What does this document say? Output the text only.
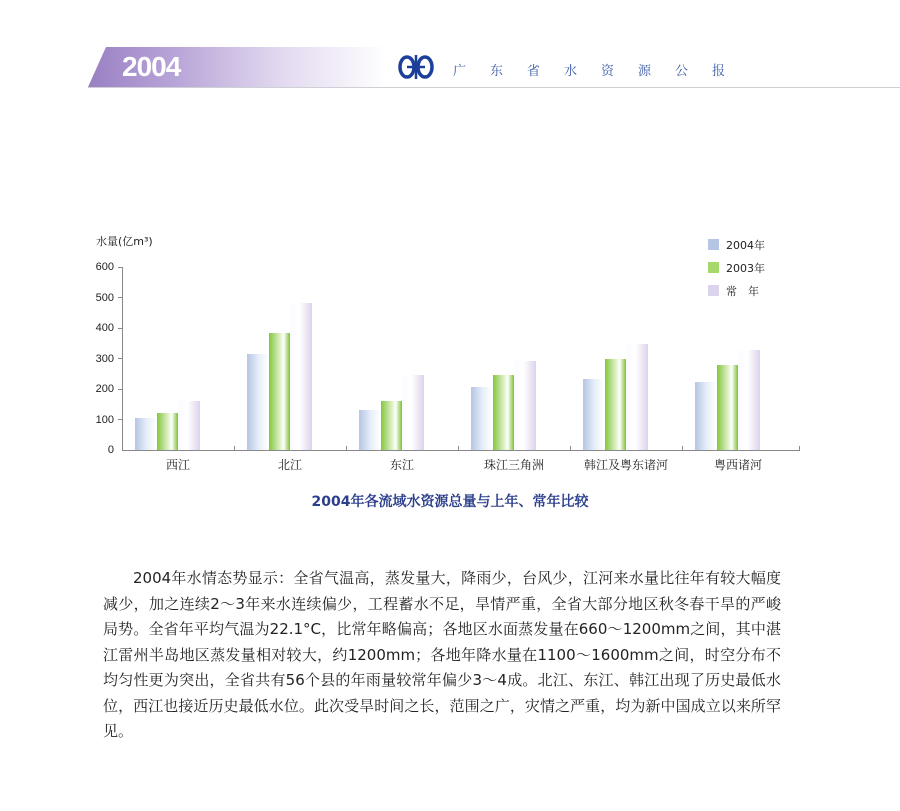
2004	广东省水资源公报
水量(亿m³)
0
100
200
300
400
500
600
西江	北江	东江	珠江三角洲	韩江及粤东诸河	粤西诸河
2004年
2003年
常　年
2004年各流域水资源总量与上年、常年比较

2004年水情态势显示：全省气温高，蒸发量大，降雨少，台风少，江河来水量比往年有较大幅度减少，加之连续2～3年来水连续偏少，工程蓄水不足，旱情严重，全省大部分地区秋冬春干旱的严峻局势。全省年平均气温为22.1°C，比常年略偏高；各地区水面蒸发量在660～1200mm之间，其中湛江雷州半岛地区蒸发量相对较大，约1200mm；各地年降水量在1100～1600mm之间，时空分布不均匀性更为突出，全省共有56个县的年雨量较常年偏少3～4成。北江、东江、韩江出现了历史最低水位，西江也接近历史最低水位。此次受旱时间之长，范围之广，灾情之严重，均为新中国成立以来所罕见。
